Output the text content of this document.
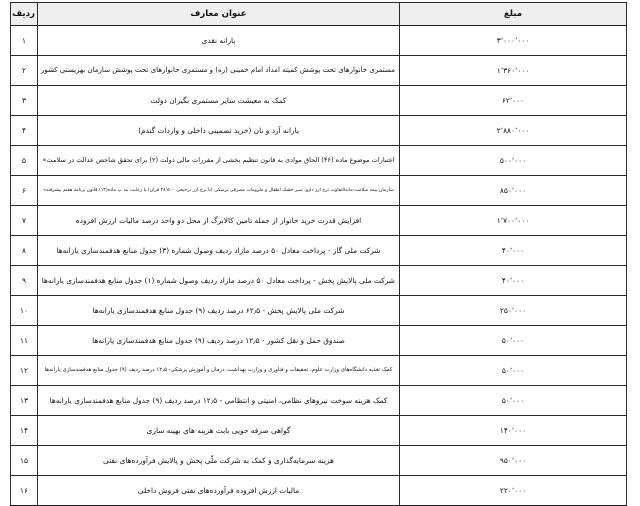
مبلغ	عنوان معارف	ردیف
۳٬۰۰۰٬۰۰۰	یارانه نقدی	۱
۱٬۳۶۰٬۰۰۰	مستمری خانوارهای تحت پوشش کمیته امداد امام خمینی (ره) و مستمری خانوارهای تحت پوشش سازمان بهزیستی کشور	۲
۶۲٬۰۰۰	کمک به معیشت سایر مستمری بگیران دولت	۳
۲٬۸۸۰٬۰۰۰	یارانه آرد و نان (خرید تضمینی داخلی و واردات گندم)	۴
۵۰۰٬۰۰۰	اعتبارات موضوع ماده (۴۶) الحاق موادی به قانون تنظیم بخشی از مقررات مالی دولت (۲) برای تحقق شاخص عدالت در سلامت»	۵
۸۵۰٬۰۰۰	سازمان بیمه سلامت-مابه‌التفاوت نرخ ارز دارو، شیر خشک اطفال و ملزومات مصرفی پزشکی (تا نرخ ارز ترجیحی ۲۸٬۵۰۰ قران) با رعایت بند پ ماده(۱۳) قانون برنامه هفتم پیشرفته»	۶
۱٬۷۰۰٬۰۰۰	افزایش قدرت خرید خانوار از جمله تامین کالابرگ از محل دو واحد درصد مالیات ارزش افزوده	۷
۴۰٬۰۰۰	شرکت ملی گاز - پرداخت معادل ۵۰ درصد مازاد ردیف وصول شماره (۳) جدول منابع هدفمندسازی یارانه‌ها	۸
۴۰٬۰۰۰	شرکت ملی پالایش پخش - پرداخت معادل ۵۰ درصد مازاد ردیف وصول شماره (۱) جدول منابع هدفمندسازی یارانه‌ها	۹
۲۵۰٬۰۰۰	شرکت ملی پالایش پخش - ۶۲٫۵ درصد ردیف (۹) جدول منابع هدفمندسازی یارانه‌ها	۱۰
۵۰٬۰۰۰	صندوق حمل و نقل کشور - ۱۲٫۵ درصد ردیف (۹) جدول منابع هدفمندسازی یارانه‌ها	۱۱
۵۰٬۰۰۰	کمک تغذیه دانشگاه‌های وزارت علوم، تحقیقات و فناوری و وزارت بهداشت، درمان و آموزش پزشکی- ۱۲٫۵ درصد ردیف (۹) جدول منابع هدفمندسازی یارانه‌ها	۱۲
۵۰٬۰۰۰	کمک هزینه سوخت نیروهای نظامی، امنیتی و انتظامی - ۱۲٫۵ درصد ردیف (۹) جدول منابع هدفمندسازی یارانه‌ها	۱۳
۱۴۰٬۰۰۰	گواهی صرفه جویی بابت هزینه های بهینه سازی	۱۴
۹۵۰٬۰۰۰	هزینه سرمایه‌گذاری و کمک به شرکت ملّی پخش و پالایش فرآورده‌های نفتی	۱۵
۲۲۰٬۰۰۰	مالیات ارزش افزوده فرآورده‌های نفتی فروش داخلی	۱۶
